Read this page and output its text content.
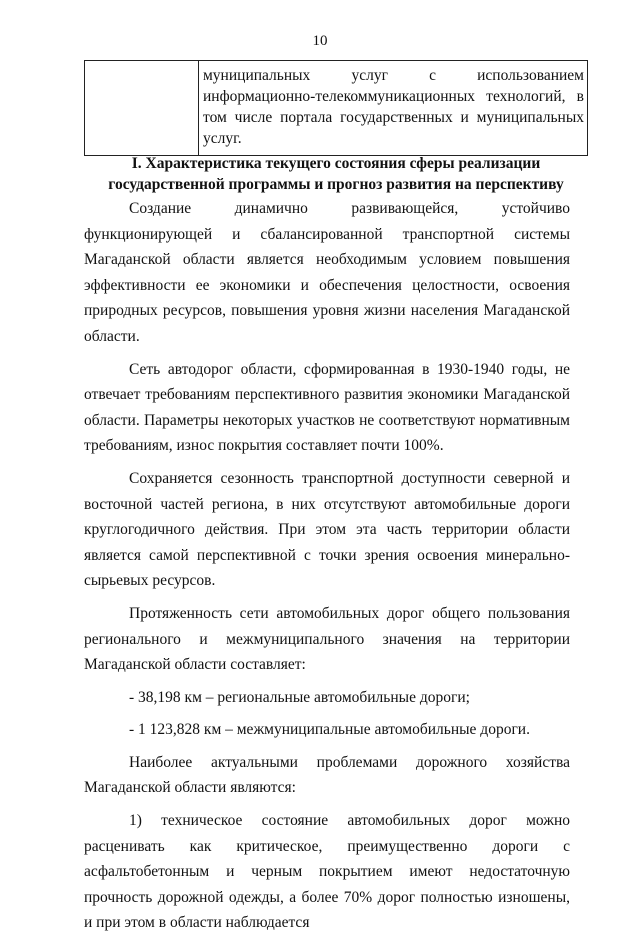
10
	муниципальных услуг с использованием информационно-телекоммуникационных технологий, в том числе портала государственных и муниципальных услуг.
I. Характеристика текущего состояния сферы реализации государственной программы и прогноз развития на перспективу

Создание динамично развивающейся, устойчиво функционирующей и сбалансированной транспортной системы Магаданской области является необходимым условием повышения эффективности ее экономики и обеспечения целостности, освоения природных ресурсов, повышения уровня жизни населения Магаданской области.

Сеть автодорог области, сформированная в 1930-1940 годы, не отвечает требованиям перспективного развития экономики Магаданской области. Параметры некоторых участков не соответствуют нормативным требованиям, износ покрытия составляет почти 100%.

Сохраняется сезонность транспортной доступности северной и восточной частей региона, в них отсутствуют автомобильные дороги круглогодичного действия. При этом эта часть территории области является самой перспективной с точки зрения освоения минерально-сырьевых ресурсов.

Протяженность сети автомобильных дорог общего пользования регионального и межмуниципального значения на территории Магаданской области составляет:

- 38,198 км – региональные автомобильные дороги;

- 1 123,828 км – межмуниципальные автомобильные дороги.

Наиболее актуальными проблемами дорожного хозяйства Магаданской области являются:

1) техническое состояние автомобильных дорог можно расценивать как критическое, преимущественно дороги с асфальтобетонным и черным покрытием имеют недостаточную прочность дорожной одежды, а более 70% дорог полностью изношены, и при этом в области наблюдается
